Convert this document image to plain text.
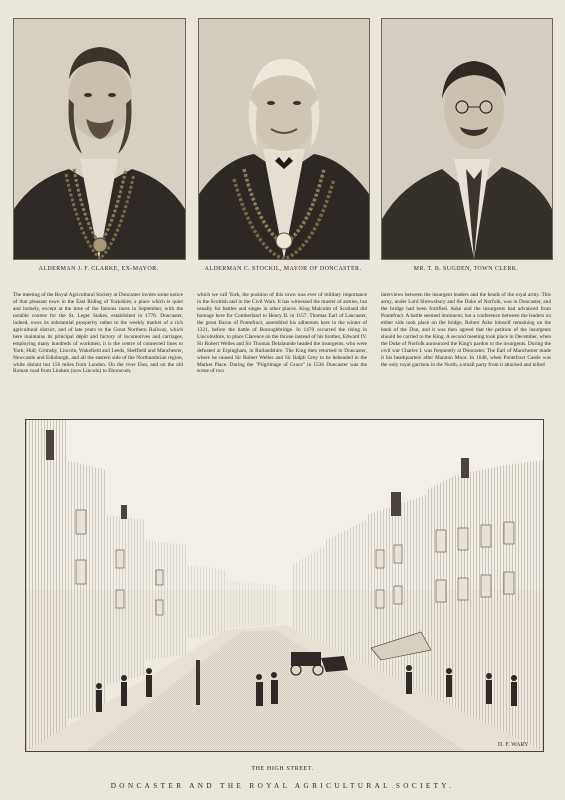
ALDERMAN J. F. CLARKE, EX-MAYOR.	ALDERMAN C. STOCKIL, MAYOR OF DONCASTER.	MR. T. B. SUGDEN, TOWN CLERK.
The meeting of the Royal Agricultural Society at Doncaster invites some notice of that pleasant town in the East Riding of Yorkshire, a place which is quiet and homely, except at the time of the famous races in September, with the notable contest for the St. Leger Stakes, established in 1776. Doncaster, indeed, owes its substantial prosperity rather to the weekly market of a rich agricultural district, and of late years to the Great Northern Railway, which here maintains its principal dépôt and factory of locomotives and carriages, employing many hundreds of workmen; it is the centre of connected lines to York, Hull, Grimsby, Lincoln, Wakefield and Leeds, Sheffield and Manchester, Newcastle and Edinburgh, and all the eastern side of the Northumbrian region, while distant but 156 miles from London. On the river Don, and on the old Roman road from Lindum (now Lincoln) to Eboracum,
which we call York, the position of this town was ever of military importance in the Scottish and in the Civil Wars. It has witnessed the muster of armies, but usually for battles and sieges in other places. King Malcolm of Scotland did homage here for Cumberland to Henry II. in 1157. Thomas Earl of Lancaster, the great Baron of Pontefract, assembled his adherents here in the winter of 1321, before the battle of Boroughbridge. In 1470 occurred the rising in Lincolnshire, to place Clarence on the throne instead of his brother, Edward IV. Sir Robert Welles and Sir Thomas Delalaunde headed the insurgents, who were defeated at Erpingham, in Rutlandshire. The King then returned to Doncaster, where he caused Sir Robert Welles and Sir Ralph Grey to be beheaded in the Market Place. During the "Pilgrimage of Grace" in 1536 Doncaster was the scene of two
interviews between the insurgent leaders and the heads of the royal army. This army, under Lord Shrewsbury and the Duke of Norfolk, was in Doncaster, and the bridge had been fortified. Aske and the insurgents had advanced from Pontefract. A battle seemed imminent; but a conference between the leaders on either side took place on the bridge, Robert Aske himself remaining on the bank of the Don, and it was then agreed that the petition of the insurgents should be carried to the King. A second meeting took place in December, when the Duke of Norfolk announced the King's pardon to the insurgents. During the civil war Charles I. was frequently at Doncaster. The Earl of Manchester made it his headquarters after Marston Moor. In 1648, when Pontefract Castle was the only royal garrison in the North, a small party from it attacked and killed
D. F. WARY
THE HIGH STREET.
DONCASTER AND THE ROYAL AGRICULTURAL SOCIETY.
